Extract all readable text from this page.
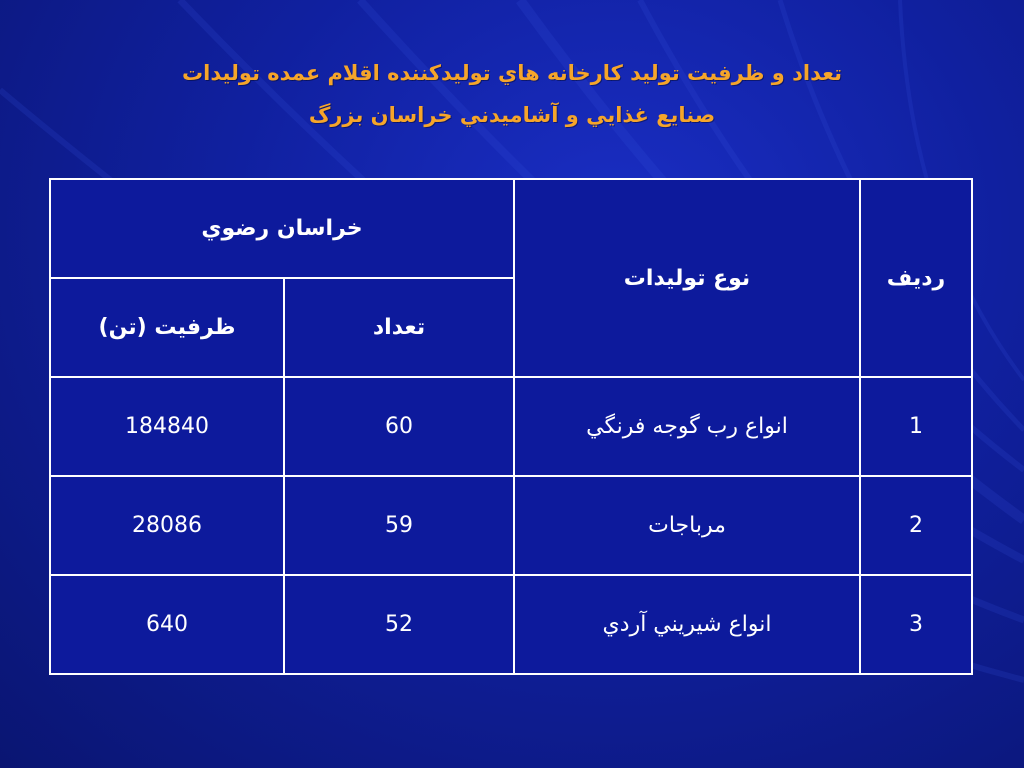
تعداد و ظرفيت توليد كارخانه هاي توليدكننده اقلام عمده توليدات
صنايع غذايي و آشاميدني خراسان بزرگ
رديف	نوع توليدات	خراسان رضوي	
		تعداد	ظرفيت (تن)
1	انواع رب گوجه فرنگي	60	184840
2	مرباجات	59	28086
3	انواع شيريني آردي	52	640
